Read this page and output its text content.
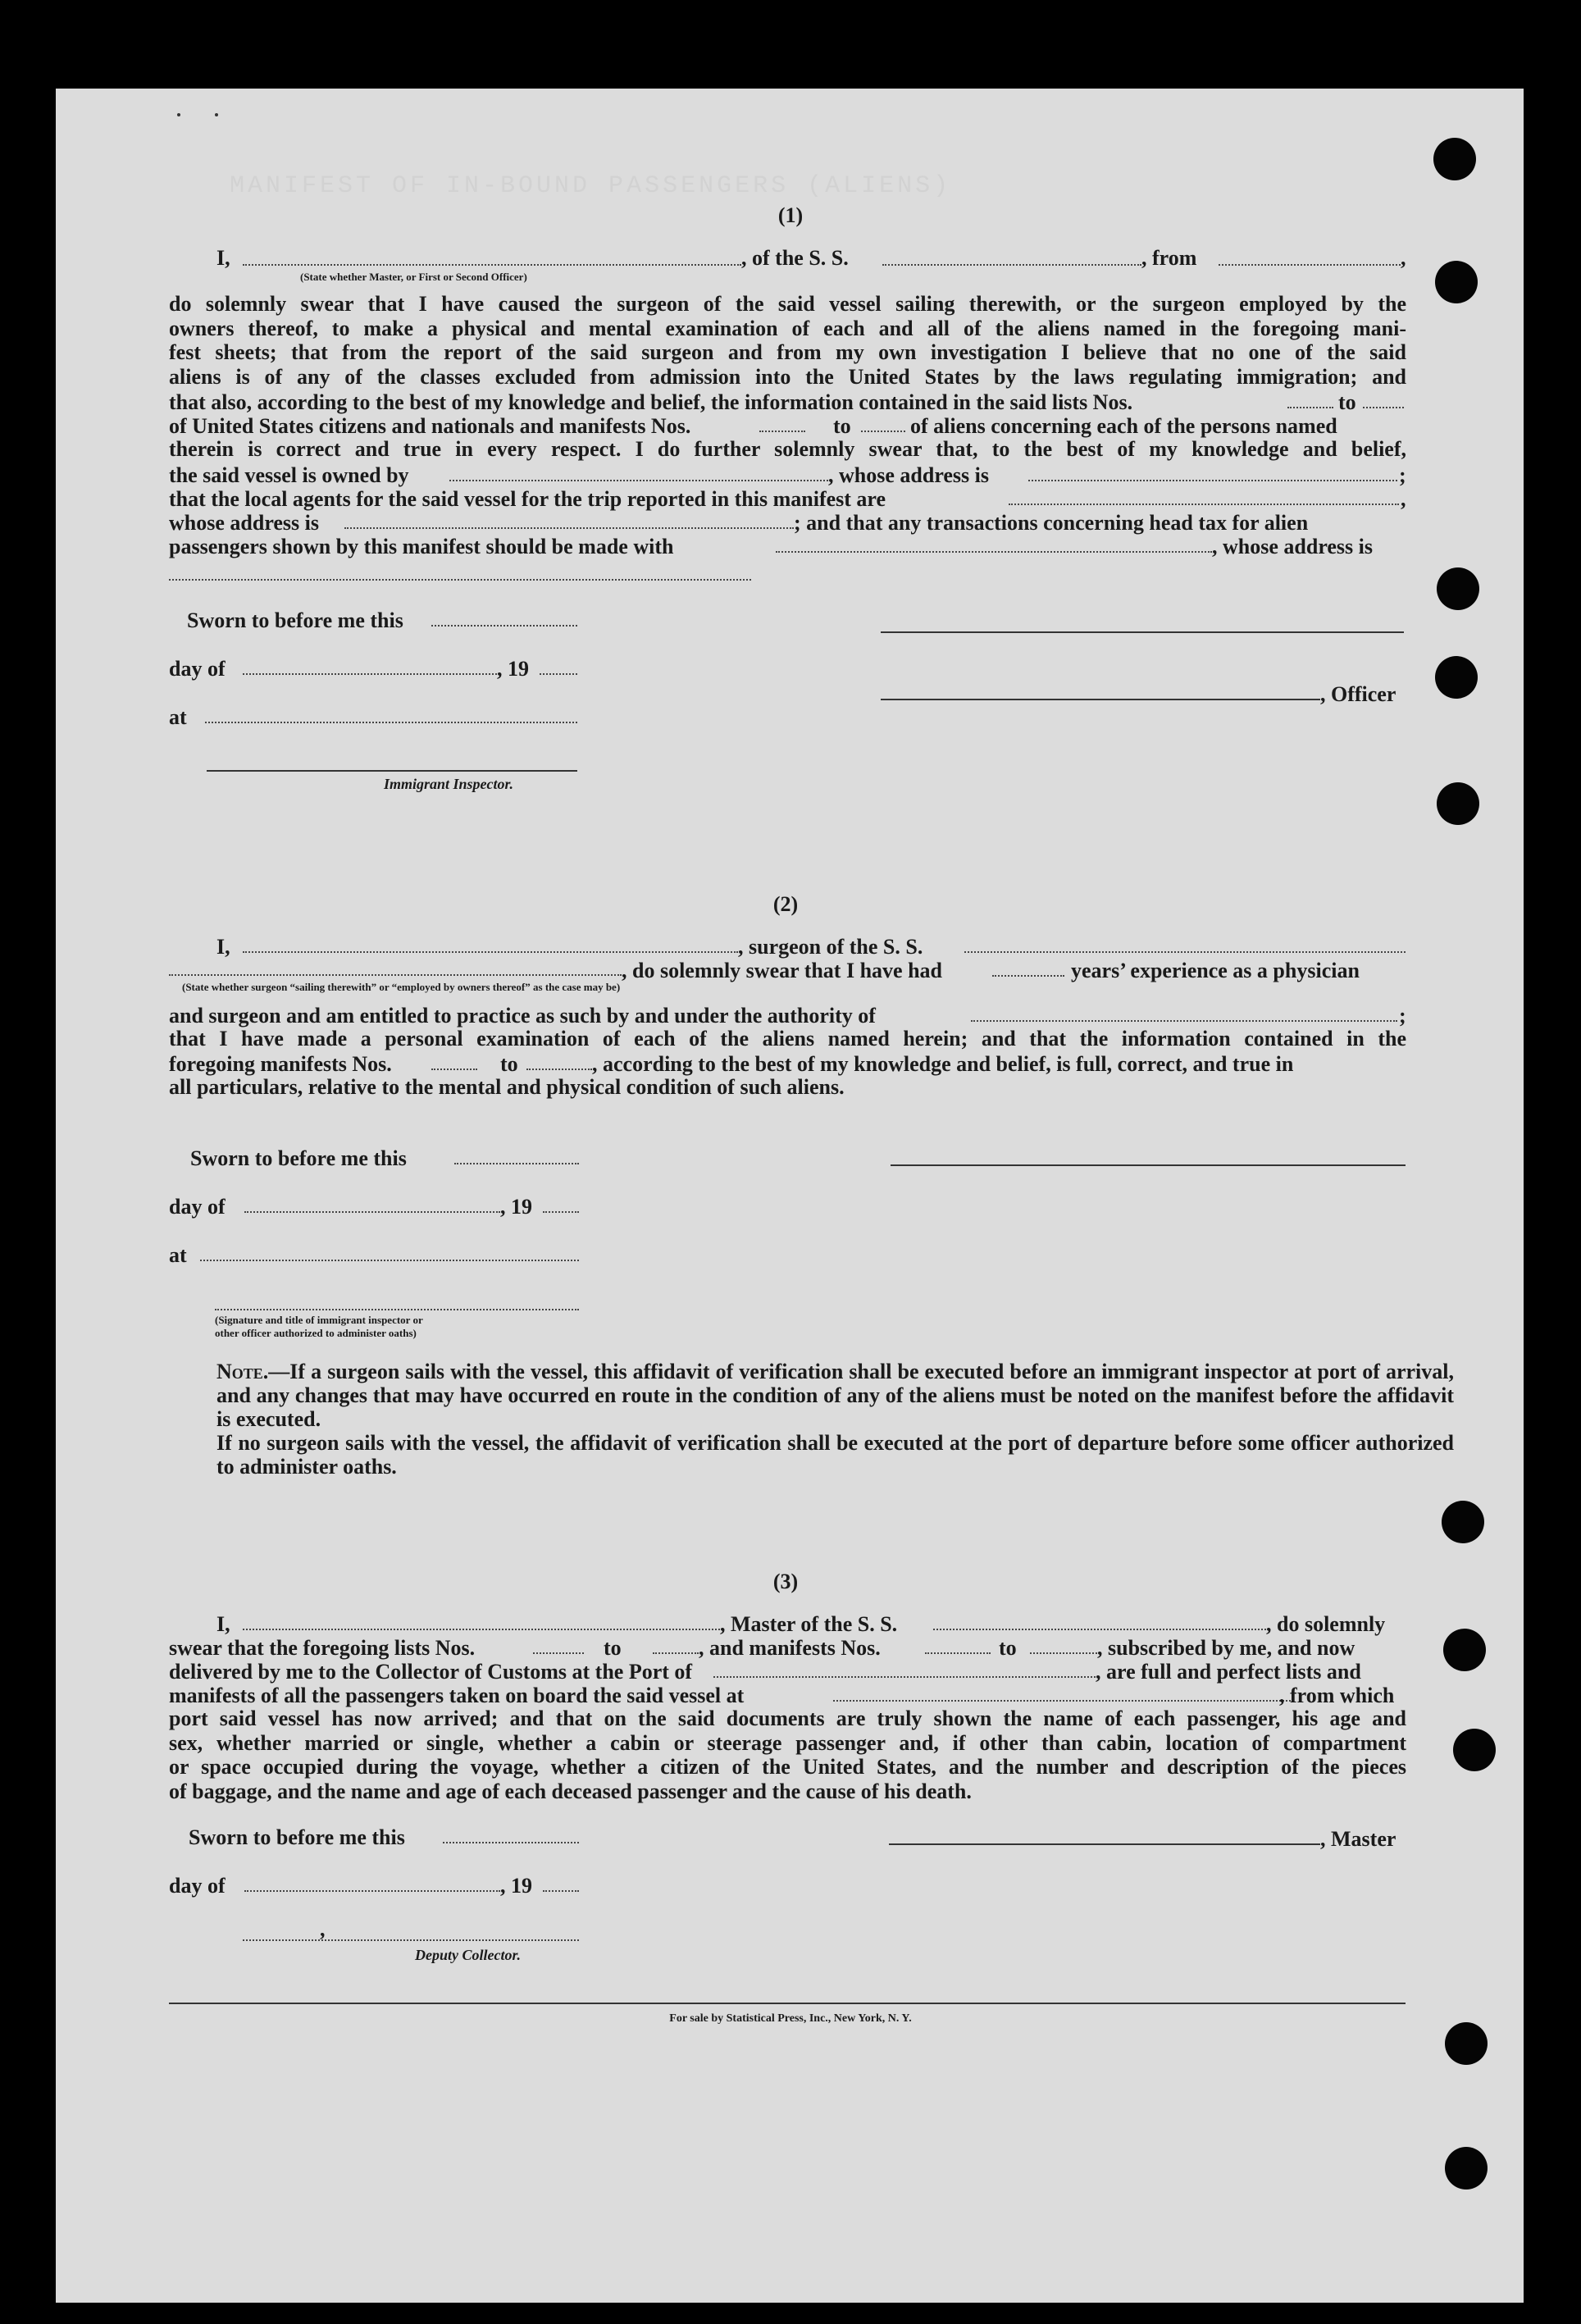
MANIFEST OF IN-BOUND PASSENGERS (ALIENS)
(1)
I,	, of the S. S.	, from	,
(State whether Master, or First or Second Officer)

do solemnly swear that I have caused the surgeon of the said vessel sailing therewith, or the surgeon employed by the

owners thereof, to make a physical and mental examination of each and all of the aliens named in the foregoing mani-

fest sheets; that from the report of the said surgeon and from my own investigation I believe that no one of the said

aliens is of any of the classes excluded from admission into the United States by the laws regulating immigration; and

that also, according to the best of my knowledge and belief, the information contained in the said lists Nos.	to
of United States citizens and nationals and manifests Nos.	to	of aliens concerning each of the persons named

therein is correct and true in every respect. I do further solemnly swear that, to the best of my knowledge and belief,

the said vessel is owned by	, whose address is	;
that the local agents for the said vessel for the trip reported in this manifest are	,
whose address is	; and that any transactions concerning head tax for alien
passengers shown by this manifest should be made with	, whose address is
Sworn to before me this
day of	, 19
at
Immigrant Inspector.
, Officer
(2)
I,	, surgeon of the S. S.
, do solemnly swear that I have had	years’ experience as a physician
(State whether surgeon “sailing therewith” or “employed by owners thereof” as the case may be)
and surgeon and am entitled to practice as such by and under the authority of	;

that I have made a personal examination of each of the aliens named herein; and that the information contained in the

foregoing manifests Nos.	to	, according to the best of my knowledge and belief, is full, correct, and true in

all particulars, relative to the mental and physical condition of such aliens.

Sworn to before me this
day of	, 19
at
(Signature and title of immigrant inspector or
other officer authorized to administer oaths)

Note.—If a surgeon sails with the vessel, this affidavit of verification shall be executed before an immigrant inspector at port of arrival, and any changes that may have occurred en route in the condition of any of the aliens must be noted on the manifest before the affidavit is executed.

If no surgeon sails with the vessel, the affidavit of verification shall be executed at the port of departure before some officer authorized to administer oaths.

(3)
I,	, Master of the S. S.	, do solemnly
swear that the foregoing lists Nos.	to	, and manifests Nos.	to	, subscribed by me, and now
delivered by me to the Collector of Customs at the Port of	, are full and perfect lists and
manifests of all the passengers taken on board the said vessel at	, from which

port said vessel has now arrived; and that on the said documents are truly shown the name of each passenger, his age and

sex, whether married or single, whether a cabin or steerage passenger and, if other than cabin, location of compartment

or space occupied during the voyage, whether a citizen of the United States, and the number and description of the pieces

of baggage, and the name and age of each deceased passenger and the cause of his death.

Sworn to before me this
day of	, 19
,
Deputy Collector.
, Master
For sale by Statistical Press, Inc., New York, N. Y.
